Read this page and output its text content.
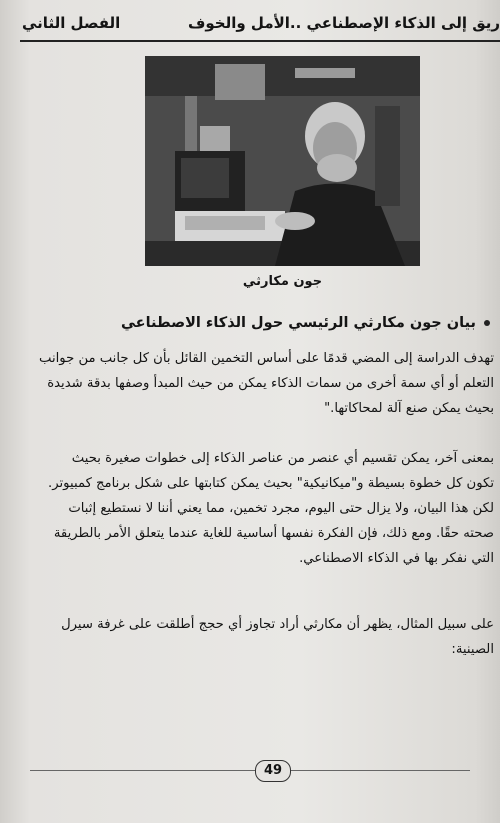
ريق إلى الذكاء الإصطناعي ..الأمل والخوف
الفصل الثاني
جون مكارثي
بيان جون مكارثي الرئيسي حول الذكاء الاصطناعي
تهدف الدراسة إلى المضي قدمًا على أساس التخمين القائل بأن كل جانب من جوانب
التعلم أو أي سمة أخرى من سمات الذكاء يمكن من حيث المبدأ وصفها بدقة شديدة
بحيث يمكن صنع آلة لمحاكاتها."
بمعنى آخر، يمكن تقسيم أي عنصر من عناصر الذكاء إلى خطوات صغيرة بحيث
تكون كل خطوة بسيطة و"ميكانيكية" بحيث يمكن كتابتها على شكل برنامج كمبيوتر.
لكن هذا البيان، ولا يزال حتى اليوم، مجرد تخمين، مما يعني أننا لا نستطيع إثبات
صحته حقًا. ومع ذلك، فإن الفكرة نفسها أساسية للغاية عندما يتعلق الأمر بالطريقة
التي نفكر بها في الذكاء الاصطناعي.
على سبيل المثال، يظهر أن مكارثي أراد تجاوز أي حجج أطلقت على غرفة سيرل
الصينية:
49
